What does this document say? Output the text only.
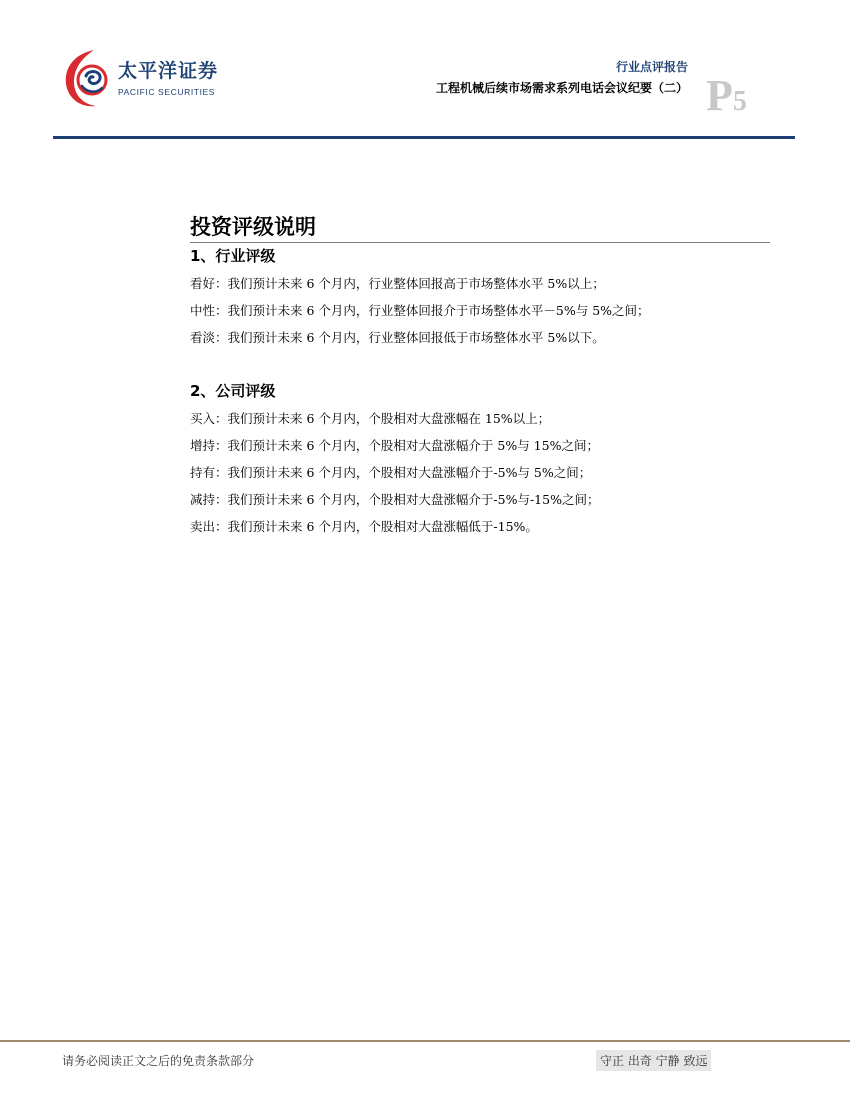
太平洋证券
PACIFIC SECURITIES
行业点评报告
工程机械后续市场需求系列电话会议纪要（二） P5
投资评级说明
1、行业评级
看好：我们预计未来 6 个月内，行业整体回报高于市场整体水平 5%以上；
中性：我们预计未来 6 个月内，行业整体回报介于市场整体水平－5%与 5%之间；
看淡：我们预计未来 6 个月内，行业整体回报低于市场整体水平 5%以下。
2、公司评级
买入：我们预计未来 6 个月内，个股相对大盘涨幅在 15%以上；
增持：我们预计未来 6 个月内，个股相对大盘涨幅介于 5%与 15%之间；
持有：我们预计未来 6 个月内，个股相对大盘涨幅介于-5%与 5%之间；
减持：我们预计未来 6 个月内，个股相对大盘涨幅介于-5%与-15%之间；
卖出：我们预计未来 6 个月内，个股相对大盘涨幅低于-15%。
请务必阅读正文之后的免责条款部分	守正 出奇 宁静 致远
